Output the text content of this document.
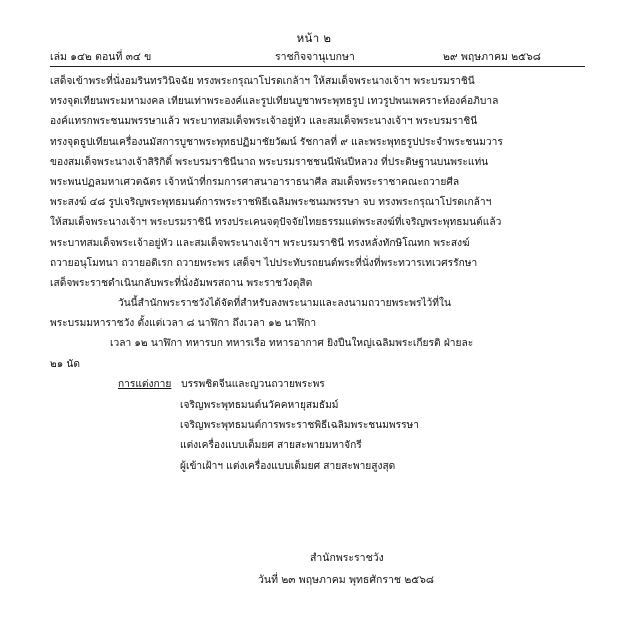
หน้า ๒
เล่ม ๑๔๒ ตอนที่ ๓๔ ข	ราชกิจจานุเบกษา	๒๙ พฤษภาคม ๒๕๖๘
เสด็จเข้าพระที่นั่งอมรินทรวินิจฉัย ทรงพระกรุณาโปรดเกล้าฯ ให้สมเด็จพระนางเจ้าฯ พระบรมราชินี
ทรงจุดเทียนพระมหามงคล เทียนเท่าพระองค์และรูปเทียนบูชาพระพุทธรูป เทวรูปพนเพคราะห์องค์อภิบาล
องค์แทรกพระชนมพรรษาแล้ว พระบาทสมเด็จพระเจ้าอยู่หัว และสมเด็จพระนางเจ้าฯ พระบรมราชินี
ทรงจุดธูปเทียนเครื่องนมัสการบูชาพระพุทธปฏิมาชัยวัฒน์ รัชกาลที่ ๙ และพระพุทธรูปประจำพระชนมวาร
ของสมเด็จพระนางเจ้าสิริกิติ์ พระบรมราชินีนาถ พระบรมราชชนนีพันปีหลวง ที่ประดิษฐานบนพระแท่น
พระพนปฏลมหาเศวตฉัตร เจ้าหน้าที่กรมการศาสนาอาราธนาศีล สมเด็จพระราชาคณะถวายศีล
พระสงฆ์ ๔๘ รูปเจริญพระพุทธมนต์การพระราชพิธีเฉลิมพระชนมพรรษา จบ ทรงพระกรุณาโปรดเกล้าฯ
ให้สมเด็จพระนางเจ้าฯ พระบรมราชินี ทรงประเคนจตุปัจจัยไทยธรรมแด่พระสงฆ์ที่เจริญพระพุทธมนต์แล้ว
พระบาทสมเด็จพระเจ้าอยู่หัว และสมเด็จพระนางเจ้าฯ พระบรมราชินี ทรงหลั่งทักษิโณทก พระสงฆ์
ถวายอนุโมทนา ถวายอดิเรก ถวายพระพร เสด็จฯ ไปประทับรถยนต์พระที่นั่งที่พระทวารเทเวศรรักษา
เสด็จพระราชดำเนินกลับพระที่นั่งอัมพรสถาน พระราชวังดุสิต
วันนี้สำนักพระราชวังได้จัดที่สำหรับลงพระนามและลงนามถวายพระพรไว้ที่ใน
พระบรมมหาราชวัง ตั้งแต่เวลา ๘ นาฬิกา ถึงเวลา ๑๒ นาฬิกา
เวลา ๑๒ นาฬิกา ทหารบก ทหารเรือ ทหารอากาศ ยิงปืนใหญ่เฉลิมพระเกียรติ ฝ่ายละ
๒๑ นัด
การแต่งกาย บรรพชิตจีนและญวนถวายพระพร
เจริญพระพุทธมนต์นวัคคหายุสมธัมม์
เจริญพระพุทธมนต์การพระราชพิธีเฉลิมพระชนมพรรษา
แต่งเครื่องแบบเต็มยศ สายสะพายมหาจักรี
ผู้เข้าเฝ้าฯ แต่งเครื่องแบบเต็มยศ สายสะพายสูงสุด
สำนักพระราชวัง
วันที่ ๒๓ พฤษภาคม พุทธศักราช ๒๕๖๘
